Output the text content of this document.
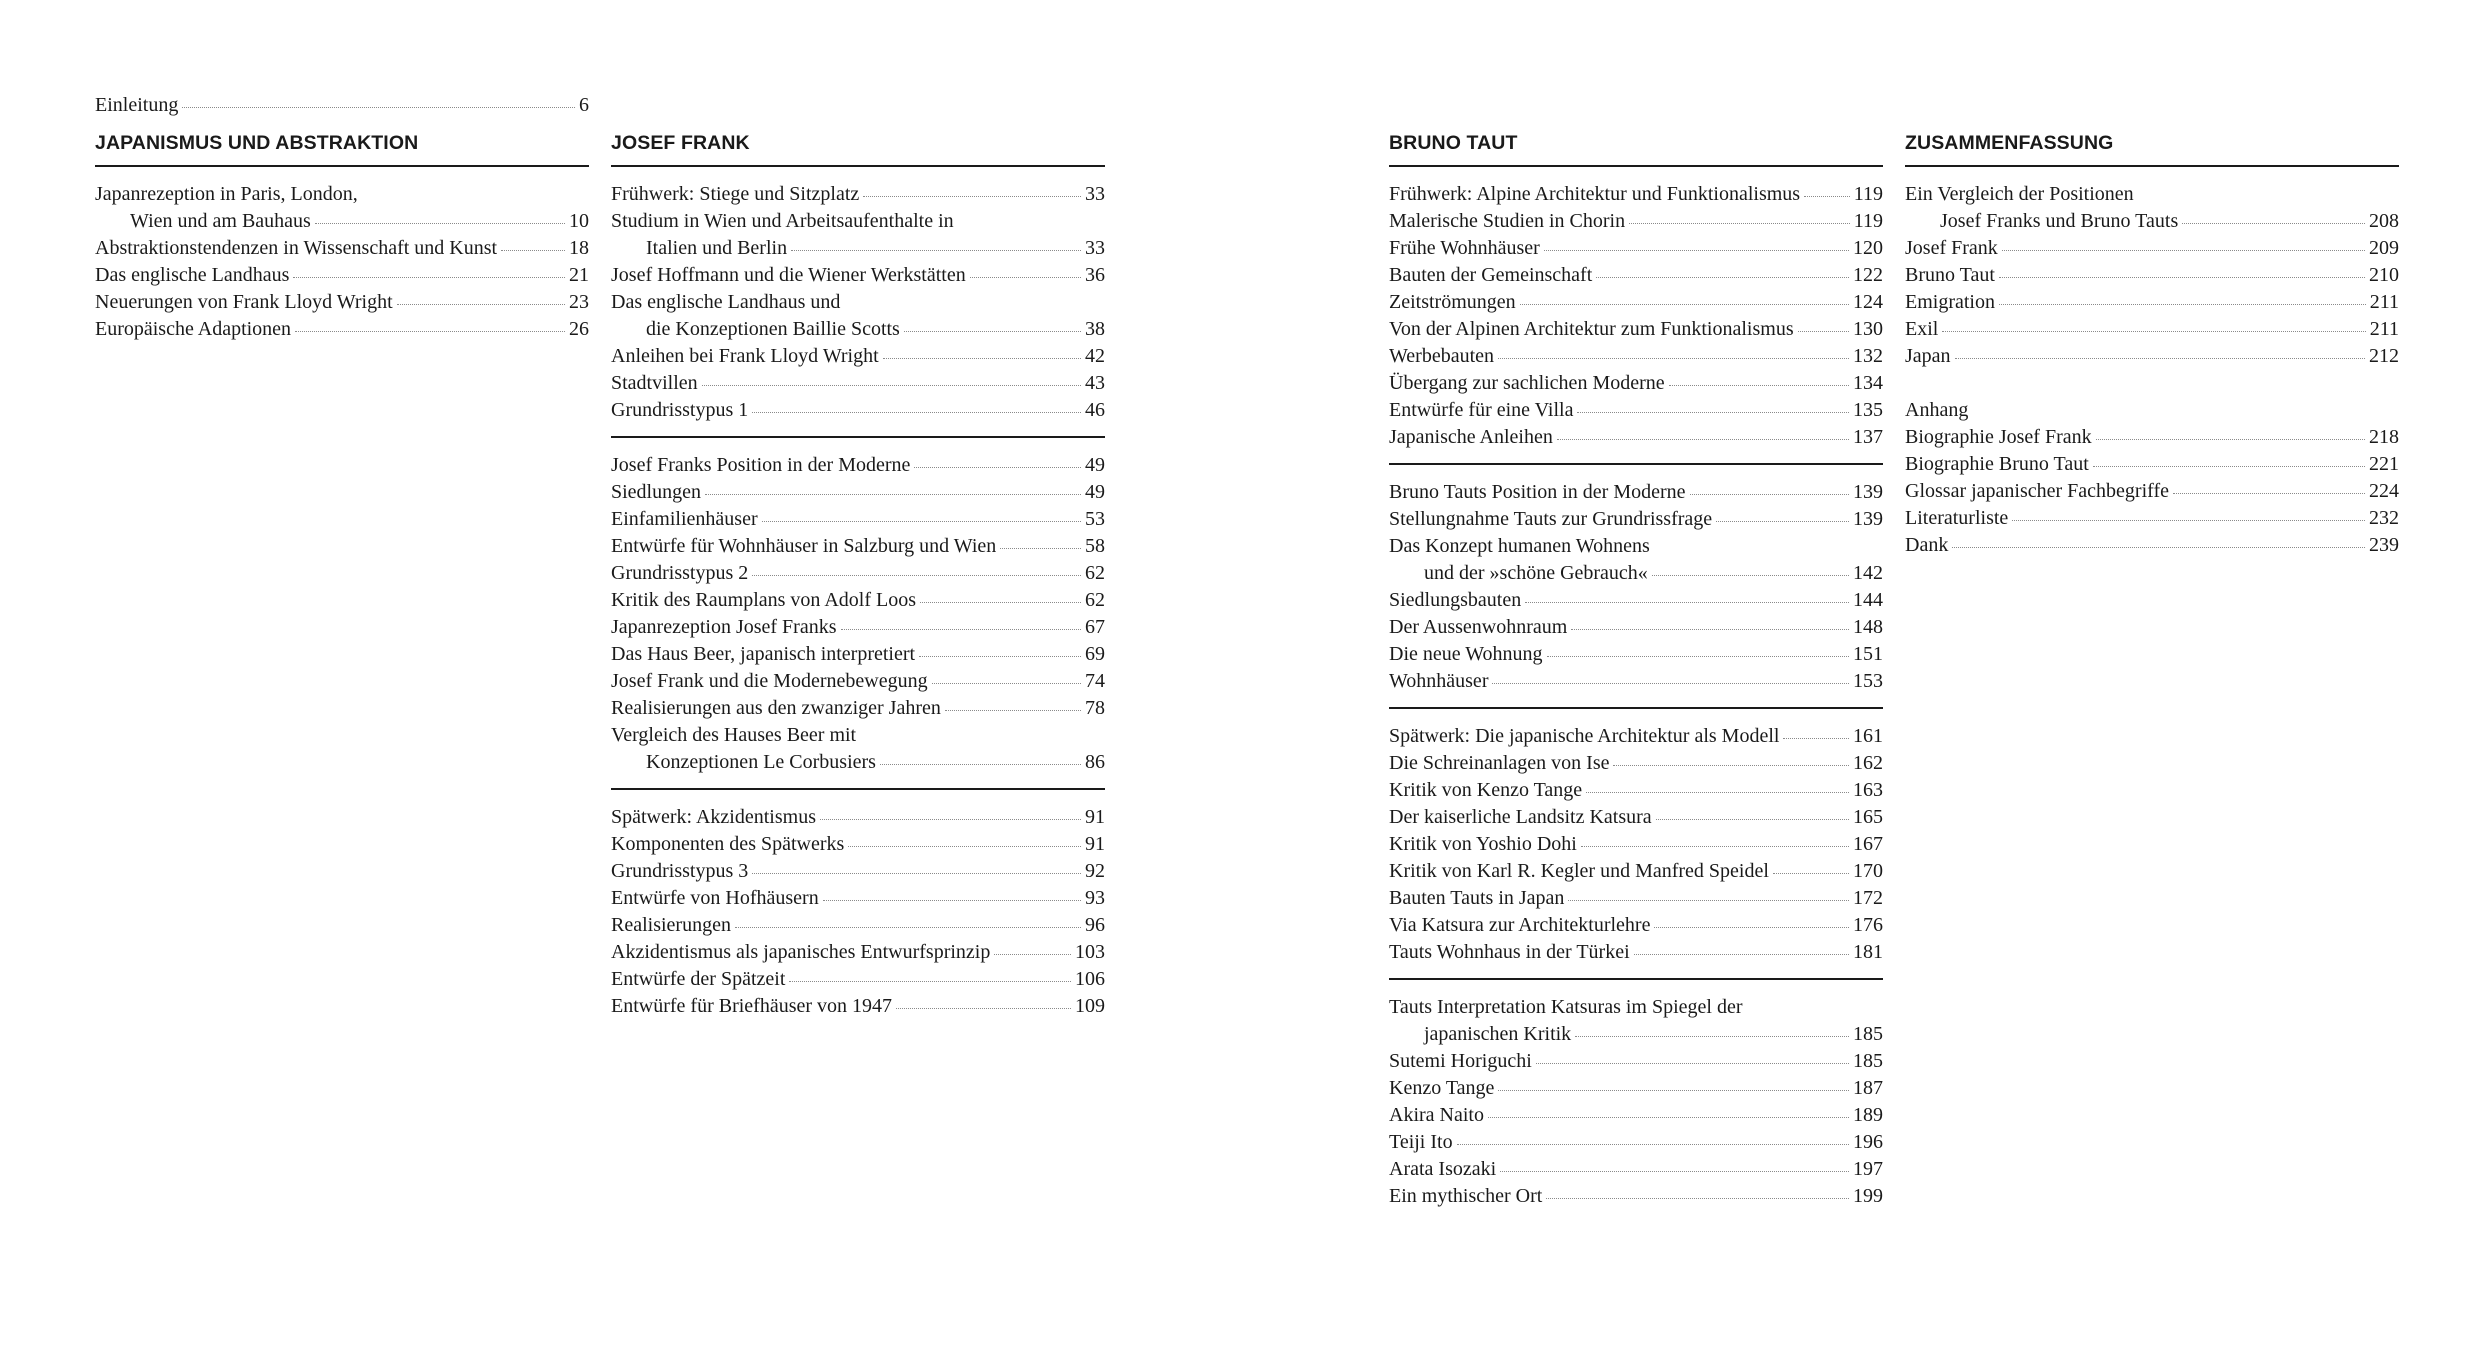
Einleitung	6
JAPANISMUS UND ABSTRAKTION
Japanrezeption in Paris, London,
Wien und am Bauhaus	10
Abstraktionstendenzen in Wissenschaft und Kunst	18
Das englische Landhaus	21
Neuerungen von Frank Lloyd Wright	23
Europäische Adaptionen	26
JOSEF FRANK
Frühwerk: Stiege und Sitzplatz	33
Studium in Wien und Arbeitsaufenthalte in
Italien und Berlin	33
Josef Hoffmann und die Wiener Werkstätten	36
Das englische Landhaus und
die Konzeptionen Baillie Scotts	38
Anleihen bei Frank Lloyd Wright	42
Stadtvillen	43
Grundrisstypus 1	46
Josef Franks Position in der Moderne	49
Siedlungen	49
Einfamilienhäuser	53
Entwürfe für Wohnhäuser in Salzburg und Wien	58
Grundrisstypus 2	62
Kritik des Raumplans von Adolf Loos	62
Japanrezeption Josef Franks	67
Das Haus Beer, japanisch interpretiert	69
Josef Frank und die Modernebewegung	74
Realisierungen aus den zwanziger Jahren	78
Vergleich des Hauses Beer mit
Konzeptionen Le Corbusiers	86
Spätwerk: Akzidentismus	91
Komponenten des Spätwerks	91
Grundrisstypus 3	92
Entwürfe von Hofhäusern	93
Realisierungen	96
Akzidentismus als japanisches Entwurfsprinzip	103
Entwürfe der Spätzeit	106
Entwürfe für Briefhäuser von 1947	109
BRUNO TAUT
Frühwerk: Alpine Architektur und Funktionalismus	119
Malerische Studien in Chorin	119
Frühe Wohnhäuser	120
Bauten der Gemeinschaft	122
Zeitströmungen	124
Von der Alpinen Architektur zum Funktionalismus	130
Werbebauten	132
Übergang zur sachlichen Moderne	134
Entwürfe für eine Villa	135
Japanische Anleihen	137
Bruno Tauts Position in der Moderne	139
Stellungnahme Tauts zur Grundrissfrage	139
Das Konzept humanen Wohnens
und der »schöne Gebrauch«	142
Siedlungsbauten	144
Der Aussenwohnraum	148
Die neue Wohnung	151
Wohnhäuser	153
Spätwerk: Die japanische Architektur als Modell	161
Die Schreinanlagen von Ise	162
Kritik von Kenzo Tange	163
Der kaiserliche Landsitz Katsura	165
Kritik von Yoshio Dohi	167
Kritik von Karl R. Kegler und Manfred Speidel	170
Bauten Tauts in Japan	172
Via Katsura zur Architekturlehre	176
Tauts Wohnhaus in der Türkei	181
Tauts Interpretation Katsuras im Spiegel der
japanischen Kritik	185
Sutemi Horiguchi	185
Kenzo Tange	187
Akira Naito	189
Teiji Ito	196
Arata Isozaki	197
Ein mythischer Ort	199
ZUSAMMENFASSUNG
Ein Vergleich der Positionen
Josef Franks und Bruno Tauts	208
Josef Frank	209
Bruno Taut	210
Emigration	211
Exil	211
Japan	212
Anhang
Biographie Josef Frank	218
Biographie Bruno Taut	221
Glossar japanischer Fachbegriffe	224
Literaturliste	232
Dank	239
